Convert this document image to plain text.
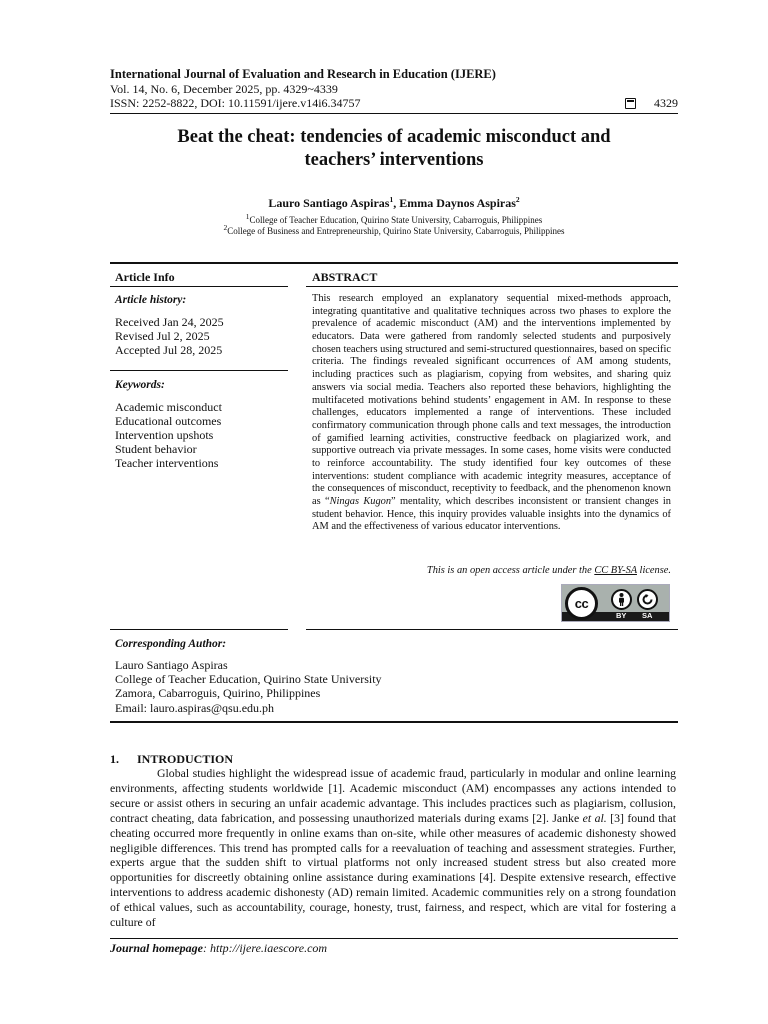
International Journal of Evaluation and Research in Education (IJERE)
Vol. 14, No. 6, December 2025, pp. 4329~4339
ISSN: 2252-8822, DOI: 10.11591/ijere.v14i6.34757	4329
Beat the cheat: tendencies of academic misconduct and
teachers’ interventions
Lauro Santiago Aspiras$^1$, Emma Daynos Aspiras$^2$
$^1$College of Teacher Education, Quirino State University, Cabarroguis, Philippines
$^2$College of Business and Entrepreneurship, Quirino State University, Cabarroguis, Philippines
Article Info
Article history:
Received Jan 24, 2025
Revised Jul 2, 2025
Accepted Jul 28, 2025
Keywords:
Academic misconduct
Educational outcomes
Intervention upshots
Student behavior
Teacher interventions
ABSTRACT
This research employed an explanatory sequential mixed-methods approach, integrating quantitative and qualitative techniques across two phases to explore the prevalence of academic misconduct (AM) and the interventions implemented by educators. Data were gathered from randomly selected students and purposively chosen teachers using structured and semi-structured questionnaires, based on specific criteria. The findings revealed significant occurrences of AM among students, including practices such as plagiarism, copying from websites, and sharing quiz answers via social media. Teachers also reported these behaviors, highlighting the multifaceted motivations behind students’ engagement in AM. In response to these challenges, educators implemented a range of interventions. These included confirmatory communication through phone calls and text messages, the introduction of gamified learning activities, constructive feedback on plagiarized work, and supportive outreach via private messages. In some cases, home visits were conducted to reinforce accountability. The study identified four key outcomes of these interventions: student compliance with academic integrity measures, acceptance of the consequences of misconduct, receptivity to feedback, and the phenomenon known as “Ningas Kugon” mentality, which describes inconsistent or transient changes in student behavior. Hence, this inquiry provides valuable insights into the dynamics of AM and the effectiveness of various educator interventions.
This is an open access article under the CC BY-SA license.
cc
BY SA
Corresponding Author:
Lauro Santiago Aspiras
College of Teacher Education, Quirino State University
Zamora, Cabarroguis, Quirino, Philippines
Email: lauro.aspiras@qsu.edu.ph
1. INTRODUCTION
Global studies highlight the widespread issue of academic fraud, particularly in modular and online learning environments, affecting students worldwide [1]. Academic misconduct (AM) encompasses any actions intended to secure or assist others in securing an unfair academic advantage. This includes practices such as plagiarism, collusion, contract cheating, data fabrication, and possessing unauthorized materials during exams [2]. Janke et al. [3] found that cheating occurred more frequently in online exams than on-site, while other measures of academic dishonesty showed negligible differences. This trend has prompted calls for a reevaluation of teaching and assessment strategies. Further, experts argue that the sudden shift to virtual platforms not only increased student stress but also created more opportunities for discreetly obtaining online assistance during examinations [4]. Despite extensive research, effective interventions to address academic dishonesty (AD) remain limited. Academic communities rely on a strong foundation of ethical values, such as accountability, courage, honesty, trust, fairness, and respect, which are vital for fostering a culture of
Journal homepage: http://ijere.iaescore.com
